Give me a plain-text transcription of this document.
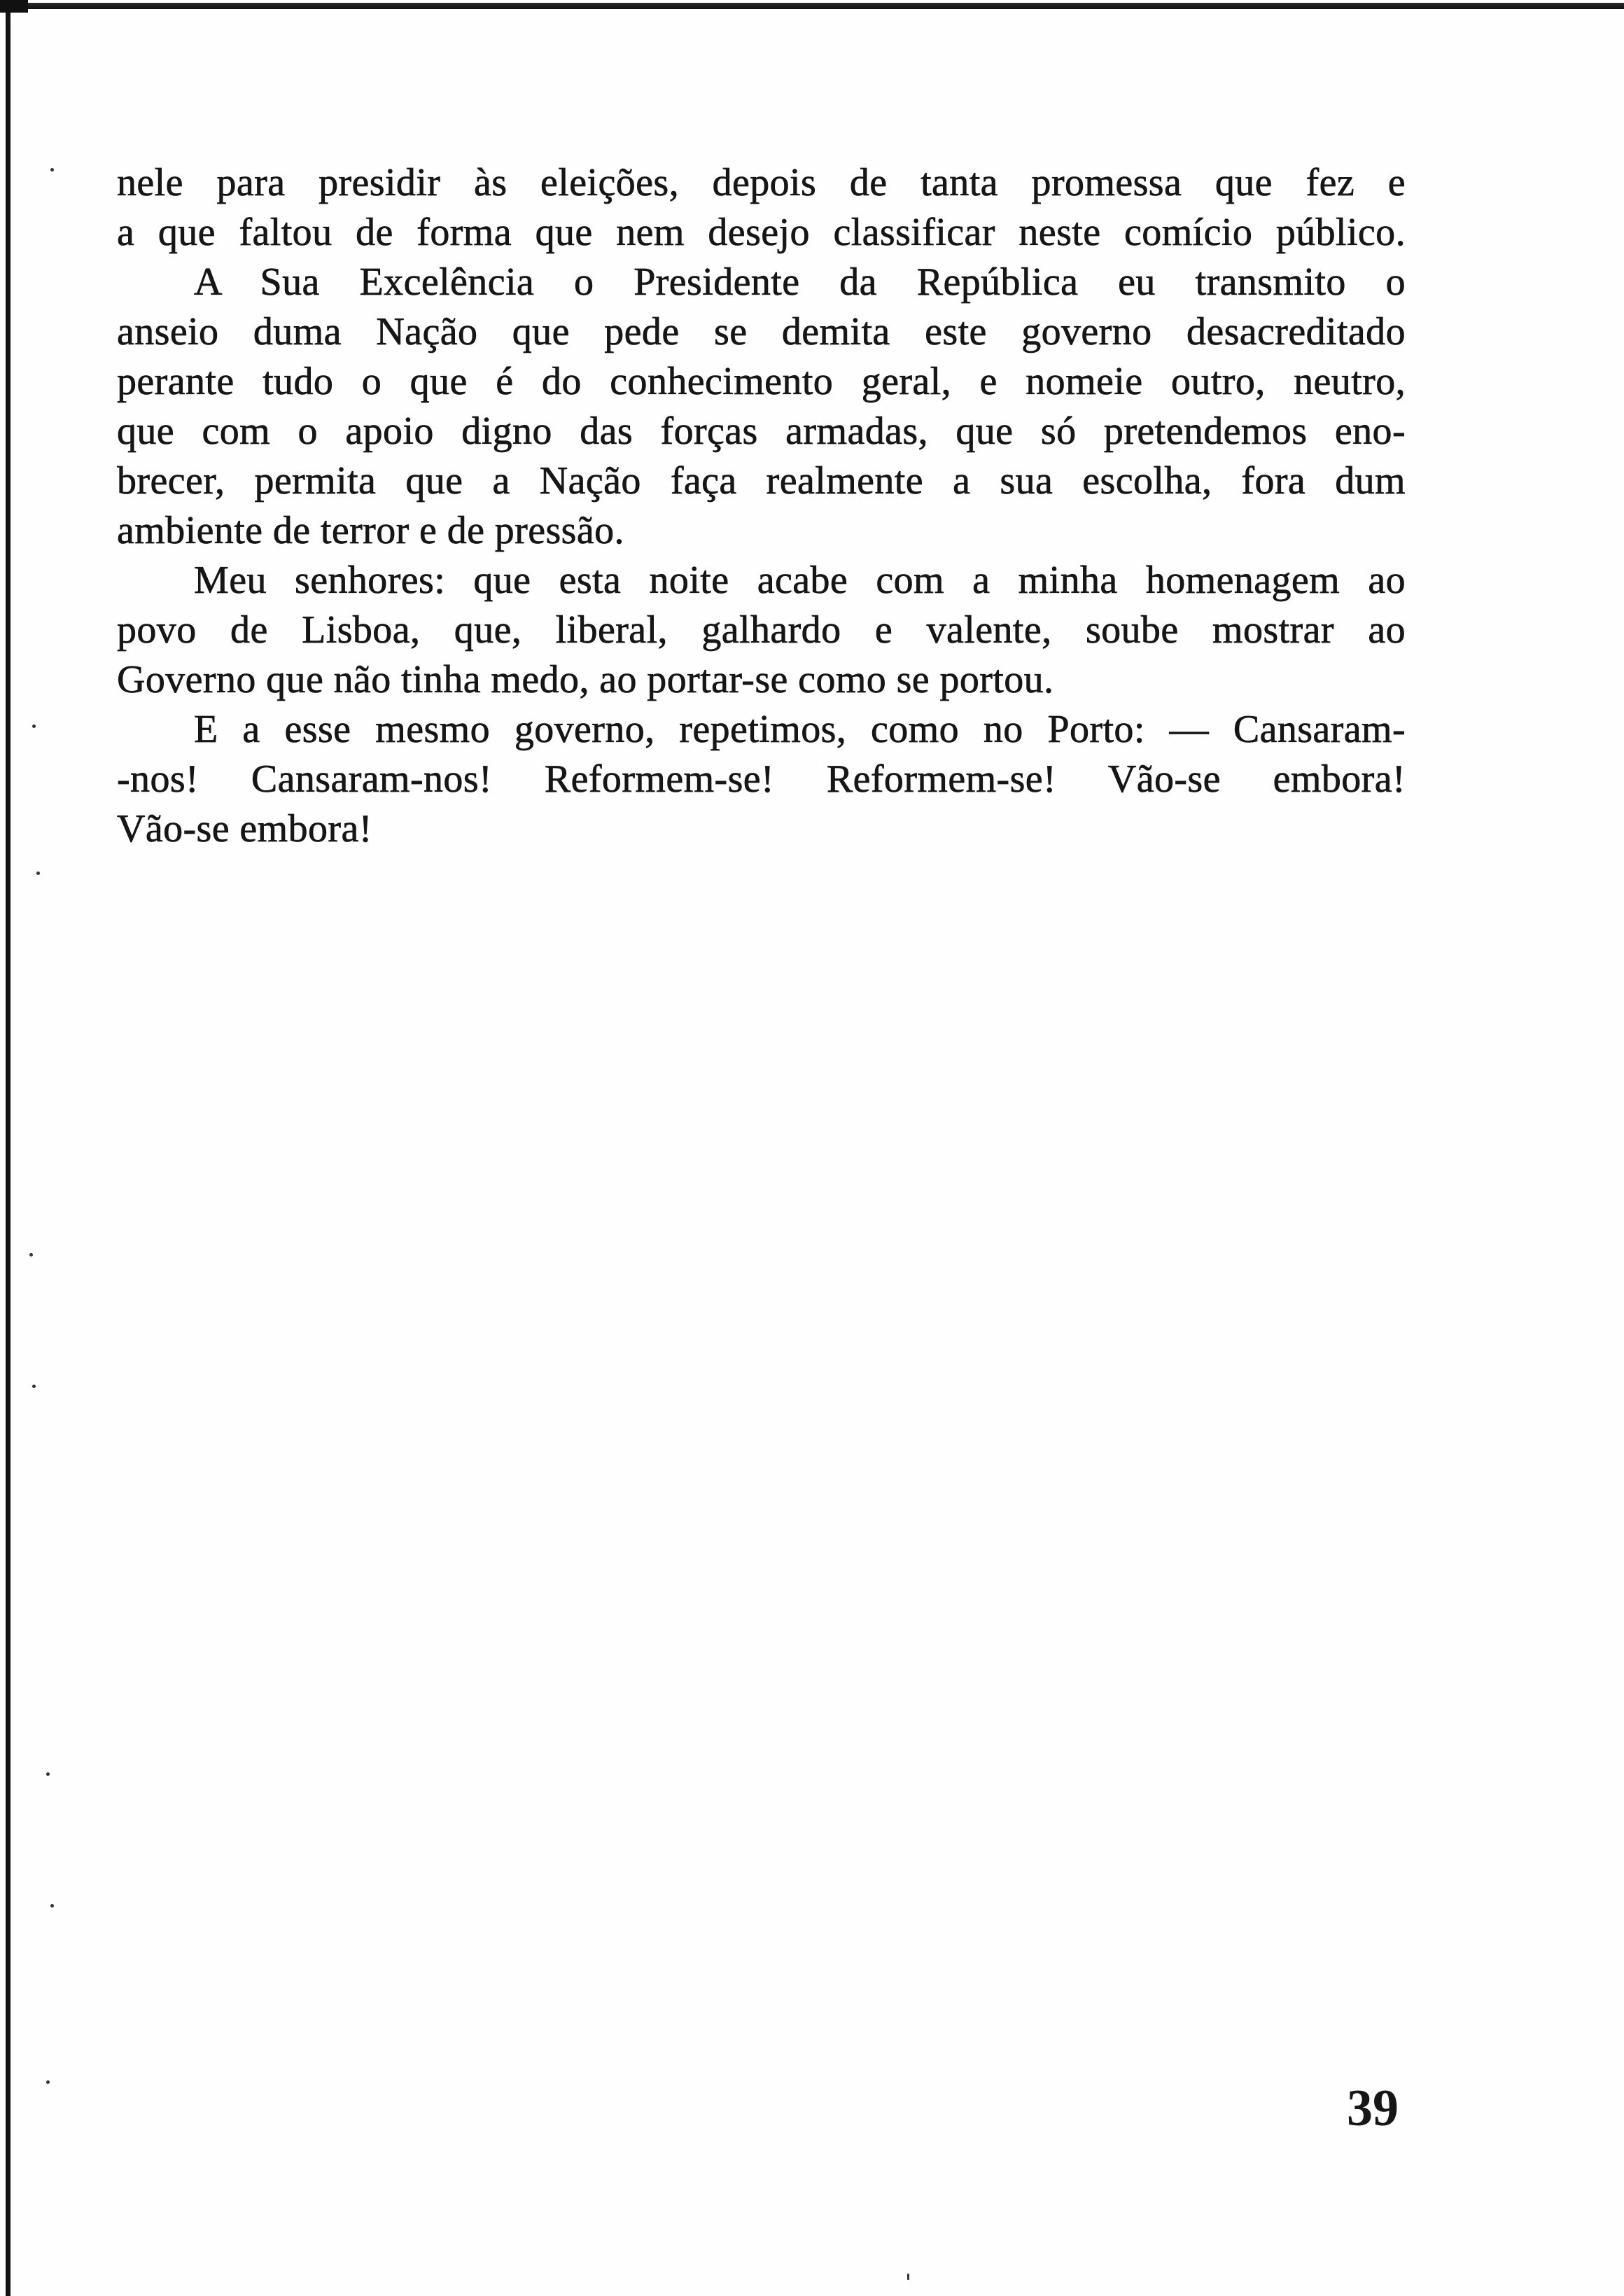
nele para presidir às eleições, depois de tanta promessa que fez e
a que faltou de forma que nem desejo classificar neste comício público.
A Sua Excelência o Presidente da República eu transmito o
anseio duma Nação que pede se demita este governo desacreditado
perante tudo o que é do conhecimento geral, e nomeie outro, neutro,
que com o apoio digno das forças armadas, que só pretendemos eno-
brecer, permita que a Nação faça realmente a sua escolha, fora dum
ambiente de terror e de pressão.
Meu senhores: que esta noite acabe com a minha homenagem ao
povo de Lisboa, que, liberal, galhardo e valente, soube mostrar ao
Governo que não tinha medo, ao portar-se como se portou.
E a esse mesmo governo, repetimos, como no Porto: — Cansaram-
-nos! Cansaram-nos! Reformem-se! Reformem-se! Vão-se embora!
Vão-se embora!
39
